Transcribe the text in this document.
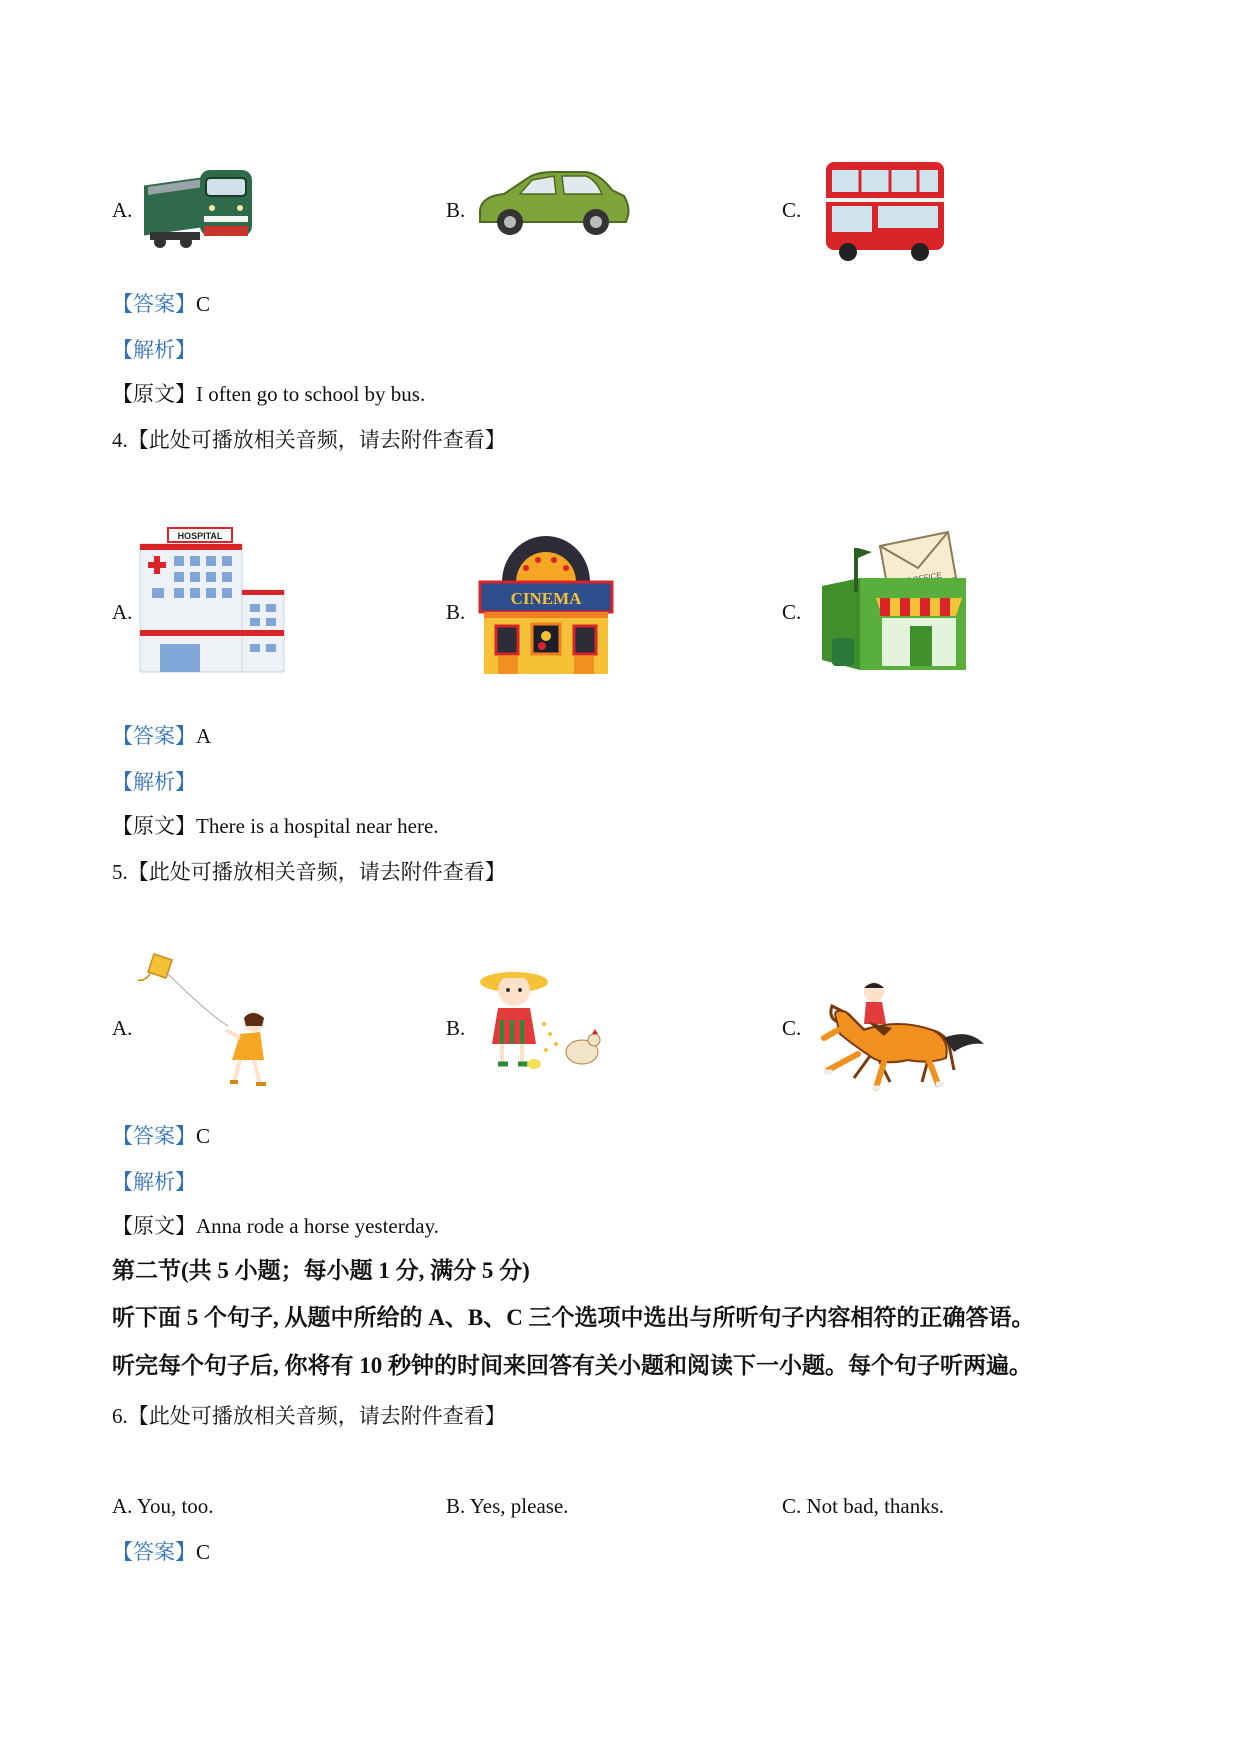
A.	B.	C.
【答案】C
【解析】
【原文】I often go to school by bus.
4.【此处可播放相关音频，请去附件查看】
A.
HOSPITAL
B.
CINEMA
C.
【答案】A
【解析】
【原文】There is a hospital near here.
5.【此处可播放相关音频，请去附件查看】
A.	B.	C.
【答案】C
【解析】
【原文】Anna rode a horse yesterday.
第二节(共 5 小题；每小题 1 分, 满分 5 分)
听下面 5 个句子, 从题中所给的 A、B、C 三个选项中选出与所听句子内容相符的正确答语。
听完每个句子后, 你将有 10 秒钟的时间来回答有关小题和阅读下一小题。每个句子听两遍。
6.【此处可播放相关音频，请去附件查看】
A. You, too.	B. Yes, please.	C. Not bad, thanks.
【答案】C
